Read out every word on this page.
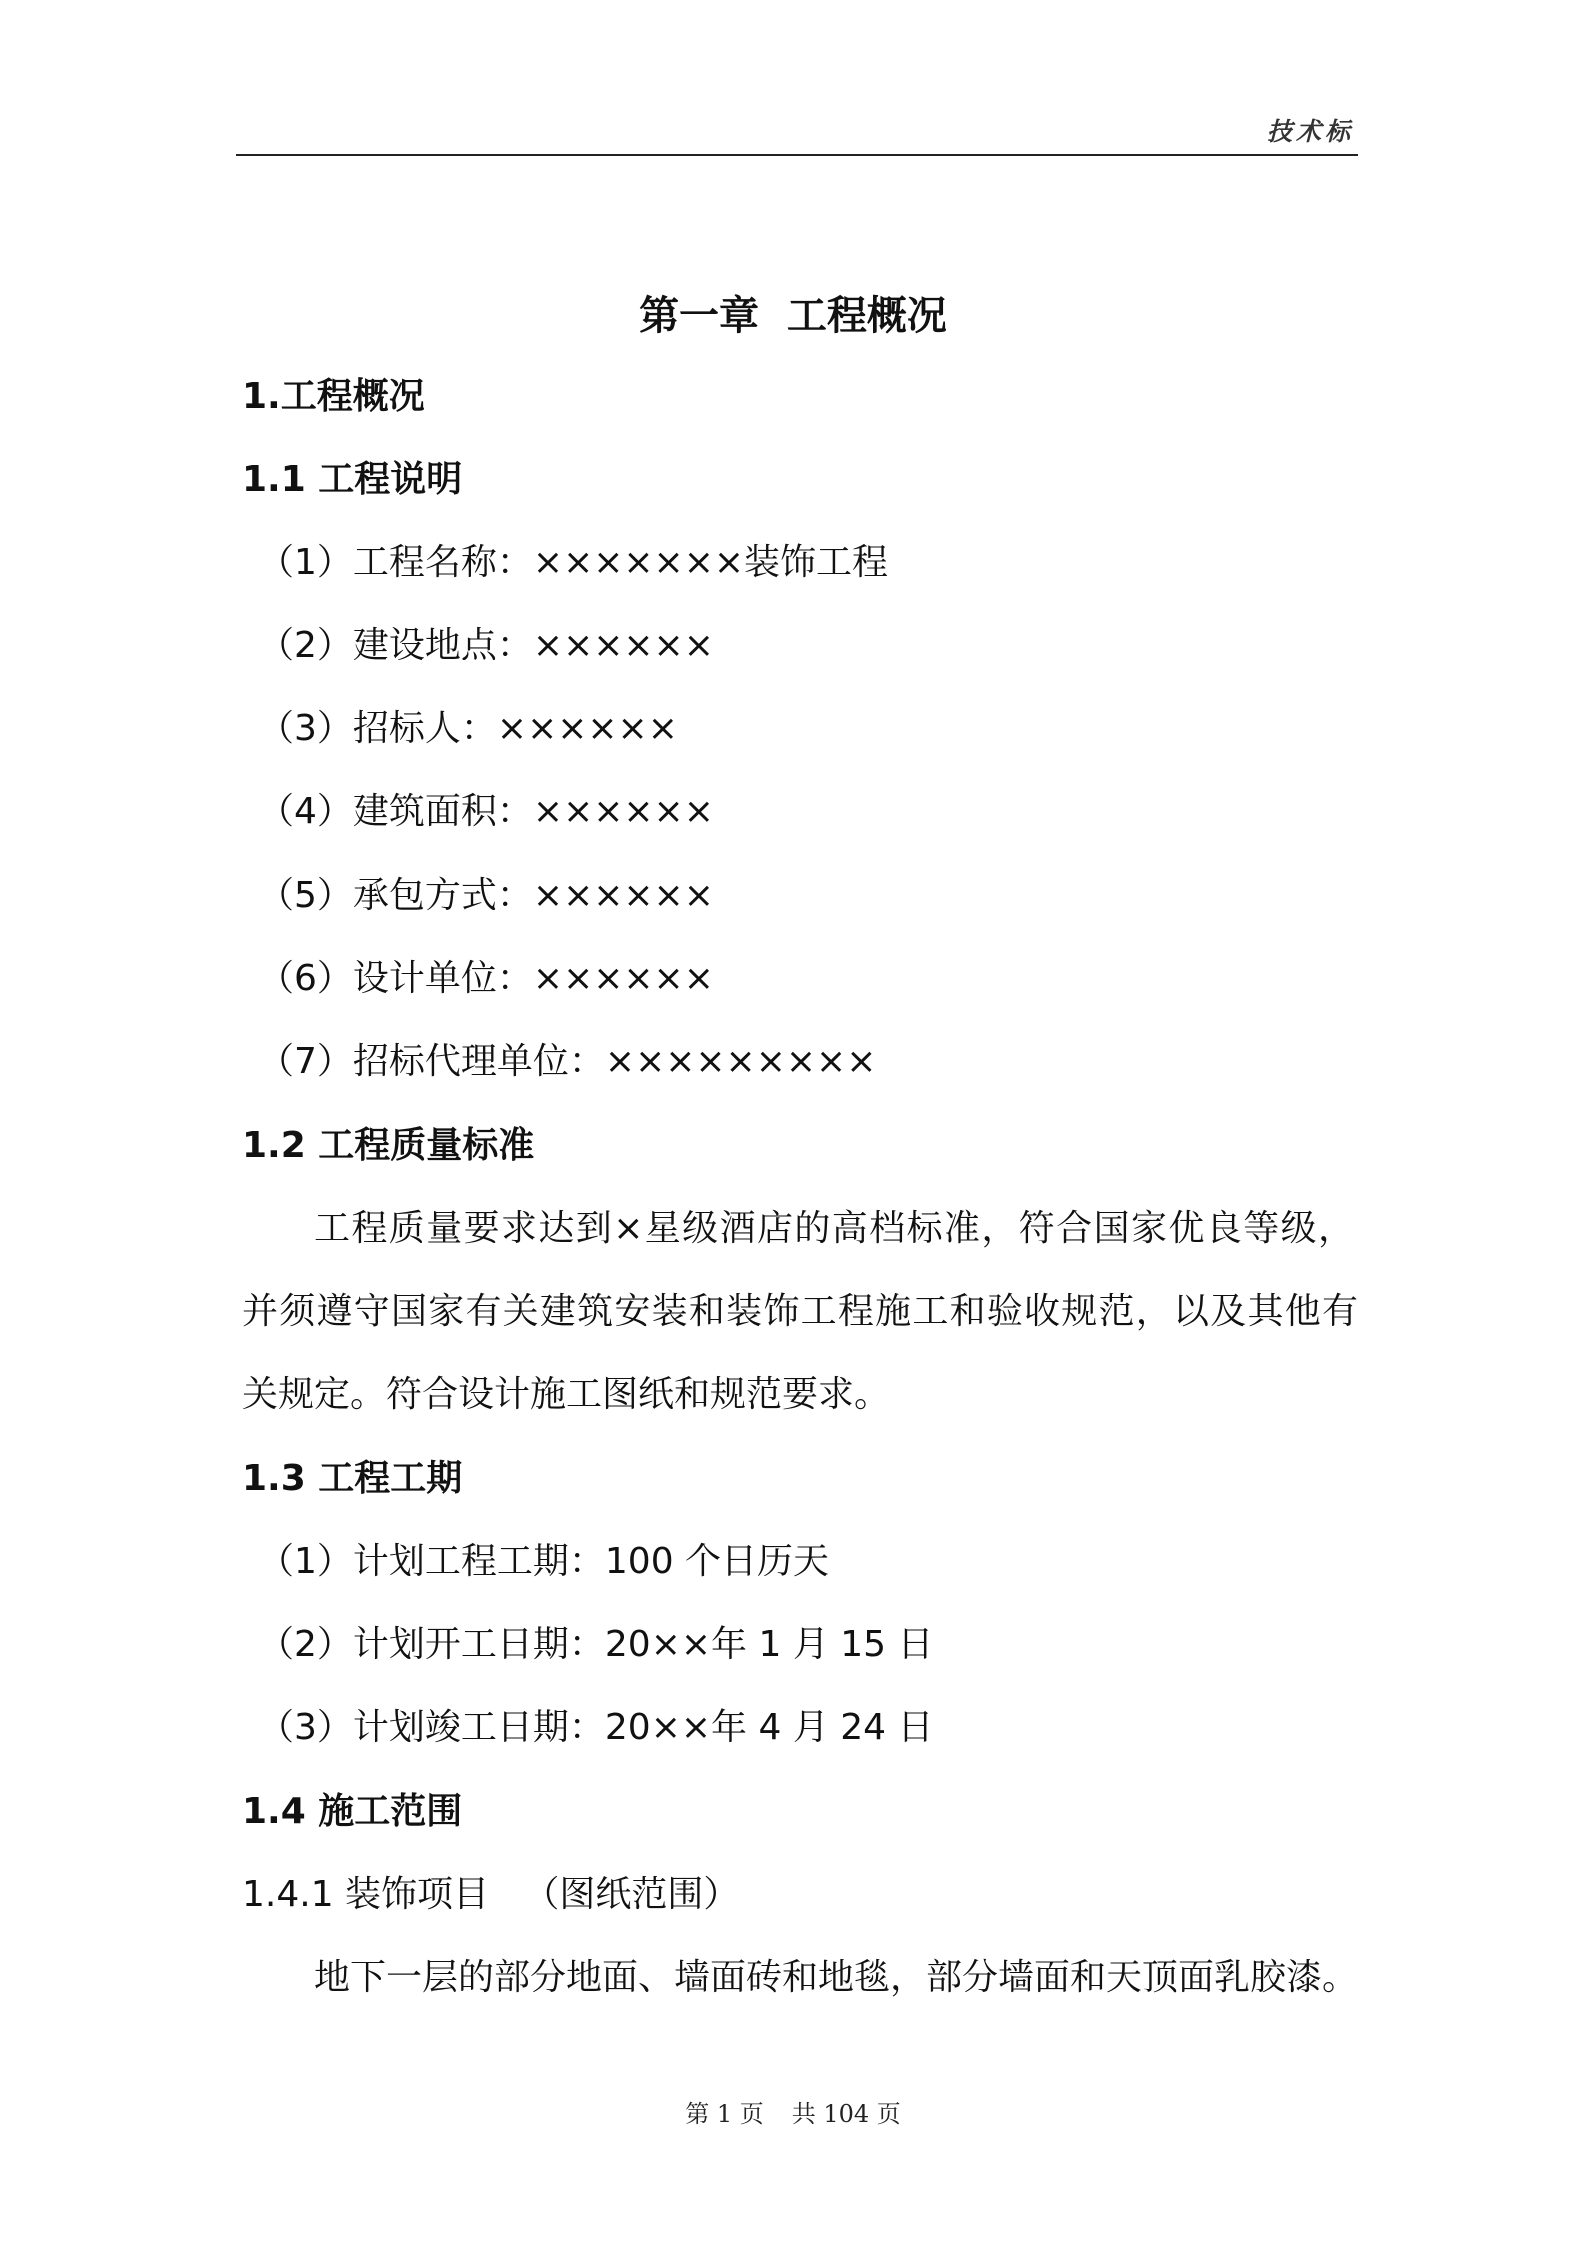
技术标
第一章  工程概况
1.工程概况
1.1 工程说明
（1）工程名称：×××××××装饰工程
（2）建设地点：××××××
（3）招标人：××××××
（4）建筑面积：××××××
（5）承包方式：××××××
（6）设计单位：××××××
（7）招标代理单位：×××××××××
1.2 工程质量标准
工程质量要求达到×星级酒店的高档标准，符合国家优良等级，
并须遵守国家有关建筑安装和装饰工程施工和验收规范，以及其他有
关规定。符合设计施工图纸和规范要求。
1.3 工程工期
（1）计划工程工期：100 个日历天
（2）计划开工日期：20××年 1 月 15 日
（3）计划竣工日期：20××年 4 月 24 日
1.4 施工范围
1.4.1 装饰项目   （图纸范围）
地下一层的部分地面、墙面砖和地毯，部分墙面和天顶面乳胶漆。
第 1 页 共 104 页
